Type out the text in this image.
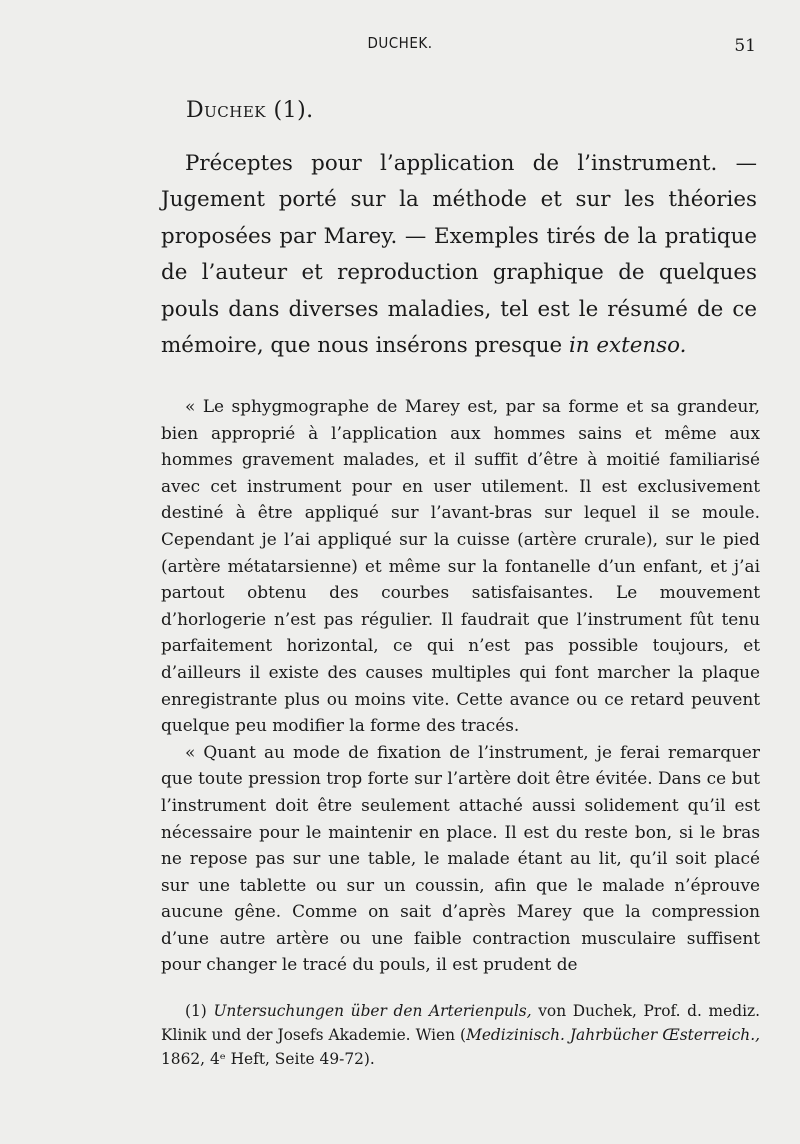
DUCHEK.	51
Duchek (1).
Préceptes pour l’application de l’instrument. — Jugement porté sur la méthode et sur les théories proposées par Marey. — Exemples tirés de la pratique de l’auteur et reproduction graphique de quelques pouls dans diverses maladies, tel est le résumé de ce mémoire, que nous insérons presque in extenso.

« Le sphygmographe de Marey est, par sa forme et sa grandeur, bien approprié à l’application aux hommes sains et même aux hommes gravement malades, et il suffit d’être à moitié familiarisé avec cet instrument pour en user utilement. Il est exclusivement destiné à être appliqué sur l’avant-bras sur lequel il se moule. Cependant je l’ai appliqué sur la cuisse (artère crurale), sur le pied (artère métatarsienne) et même sur la fontanelle d’un enfant, et j’ai partout obtenu des courbes satisfaisantes. Le mouvement d’horlogerie n’est pas régulier. Il faudrait que l’instrument fût tenu parfaitement horizontal, ce qui n’est pas possible toujours, et d’ailleurs il existe des causes multiples qui font marcher la plaque enregistrante plus ou moins vite. Cette avance ou ce retard peuvent quelque peu modifier la forme des tracés.

« Quant au mode de fixation de l’instrument, je ferai remarquer que toute pression trop forte sur l’artère doit être évitée. Dans ce but l’instrument doit être seulement attaché aussi solidement qu’il est nécessaire pour le maintenir en place. Il est du reste bon, si le bras ne repose pas sur une table, le malade étant au lit, qu’il soit placé sur une tablette ou sur un coussin, afin que le malade n’éprouve aucune gêne. Comme on sait d’après Marey que la compression d’une autre artère ou une faible contraction musculaire suffisent pour changer le tracé du pouls, il est prudent de

(1) Untersuchungen über den Arterienpuls, von Duchek, Prof. d. mediz. Klinik und der Josefs Akademie. Wien (Medizinisch. Jahrbücher Œsterreich., 1862, 4ᵉ Heft, Seite 49-72).
